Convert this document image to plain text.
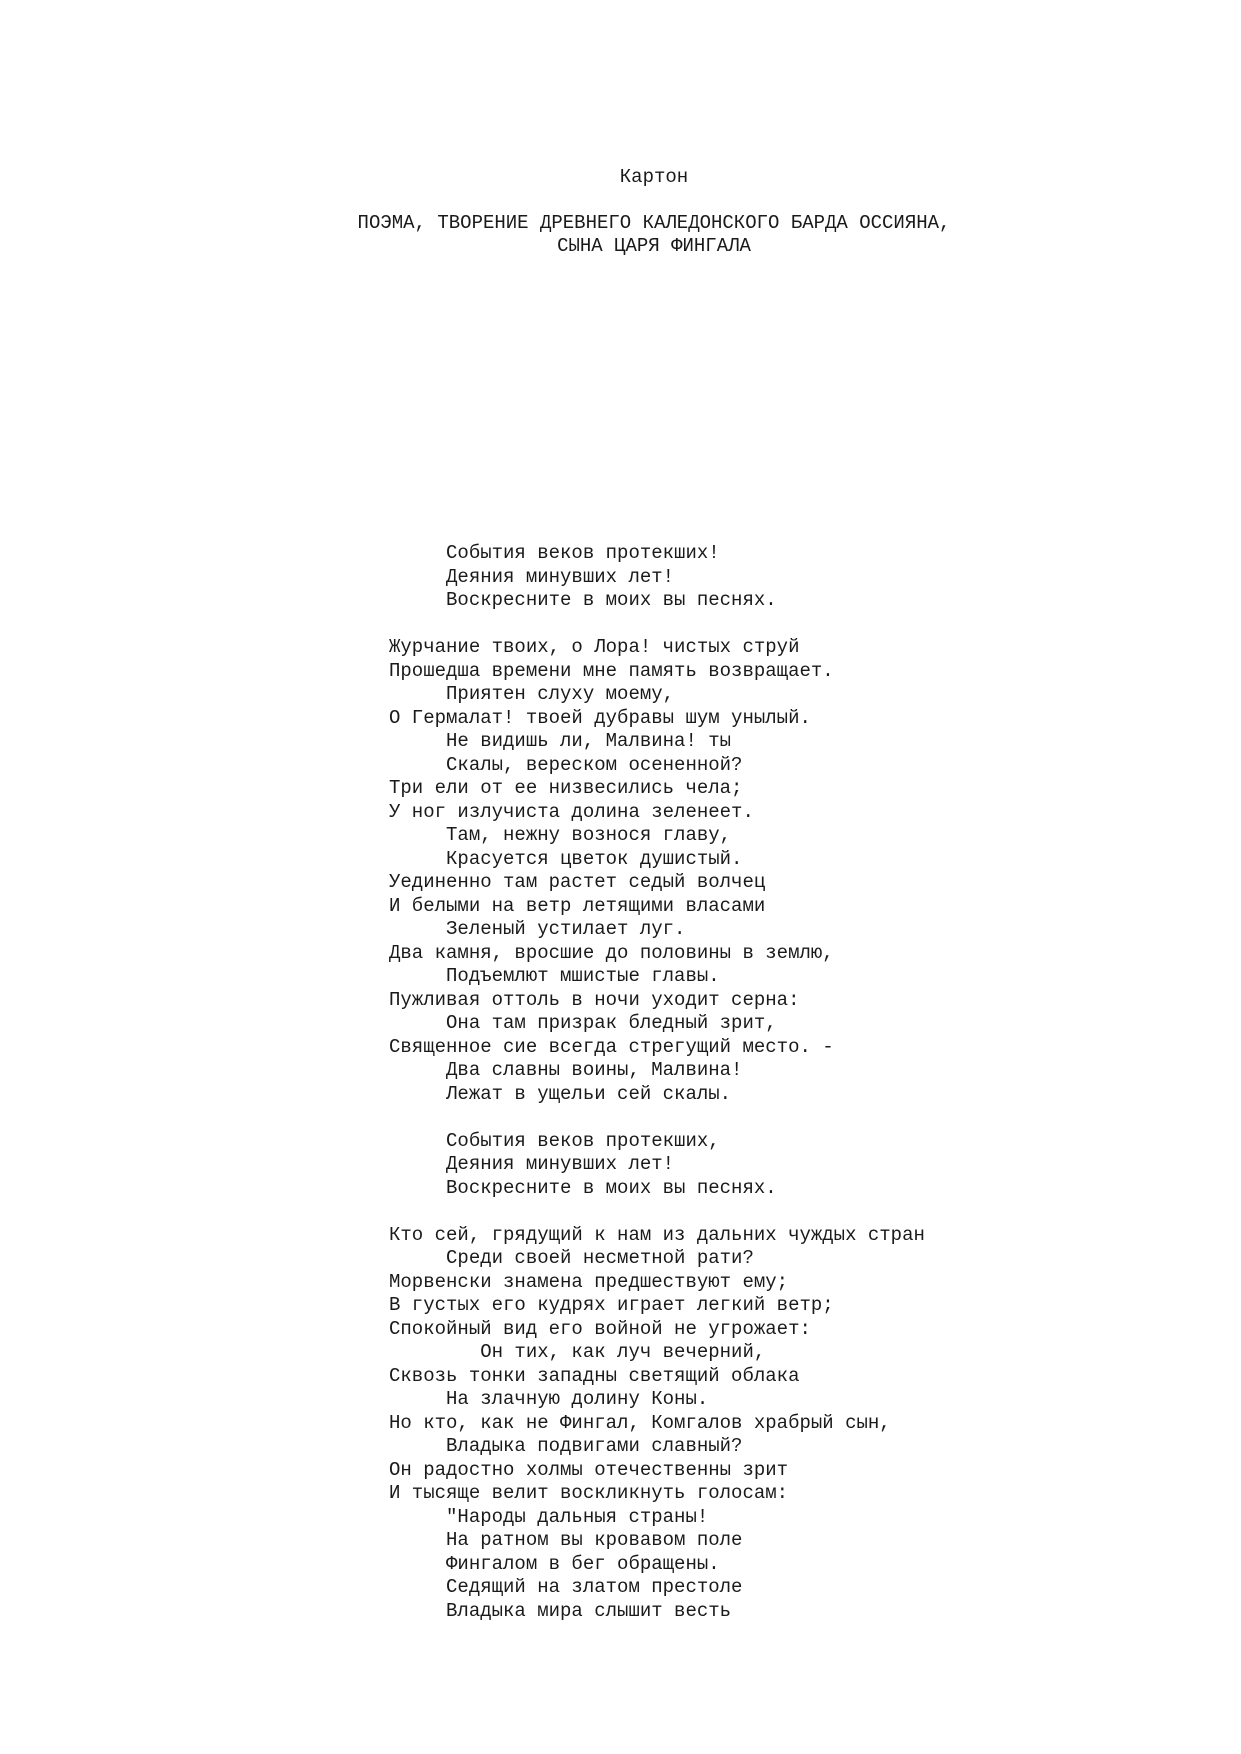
Картон

ПОЭМА, ТВОРЕНИЕ ДРЕВНЕГО КАЛЕДОНСКОГО БАРДА ОССИЯНА,
СЫНА ЦАРЯ ФИНГАЛА

События веков протекших!
Деяния минувших лет!
Воскресните в моих вы песнях.
Журчание твоих, о Лора! чистых струй
Прошедша времени мне память возвращает.
Приятен слуху моему,
О Гермалат! твоей дубравы шум унылый.
Не видишь ли, Малвина! ты
Скалы, вереском осененной?
Три ели от ее низвесились чела;
У ног излучиста долина зеленеет.
Там, нежну вознося главу,
Красуется цветок душистый.
Уединенно там растет седый волчец
И белыми на ветр летящими власами
Зеленый устилает луг.
Два камня, вросшие до половины в землю,
Подъемлют мшистые главы.
Пужливая оттоль в ночи уходит серна:
Она там призрак бледный зрит,
Священное сие всегда стрегущий место. -
Два славны воины, Малвина!
Лежат в ущельи сей скалы.
События веков протекших,
Деяния минувших лет!
Воскресните в моих вы песнях.
Кто сей, грядущий к нам из дальних чуждых стран
Среди своей несметной рати?
Морвенски знамена предшествуют ему;
В густых его кудрях играет легкий ветр;
Спокойный вид его войной не угрожает:
Он тих, как луч вечерний,
Сквозь тонки западны светящий облака
На злачную долину Коны.
Но кто, как не Фингал, Комгалов храбрый сын,
Владыка подвигами славный?
Он радостно холмы отечественны зрит
И тысяще велит воскликнуть голосам:
"Народы дальныя страны!
На ратном вы кровавом поле
Фингалом в бег обращены.
Седящий на златом престоле
Владыка мира слышит весть
